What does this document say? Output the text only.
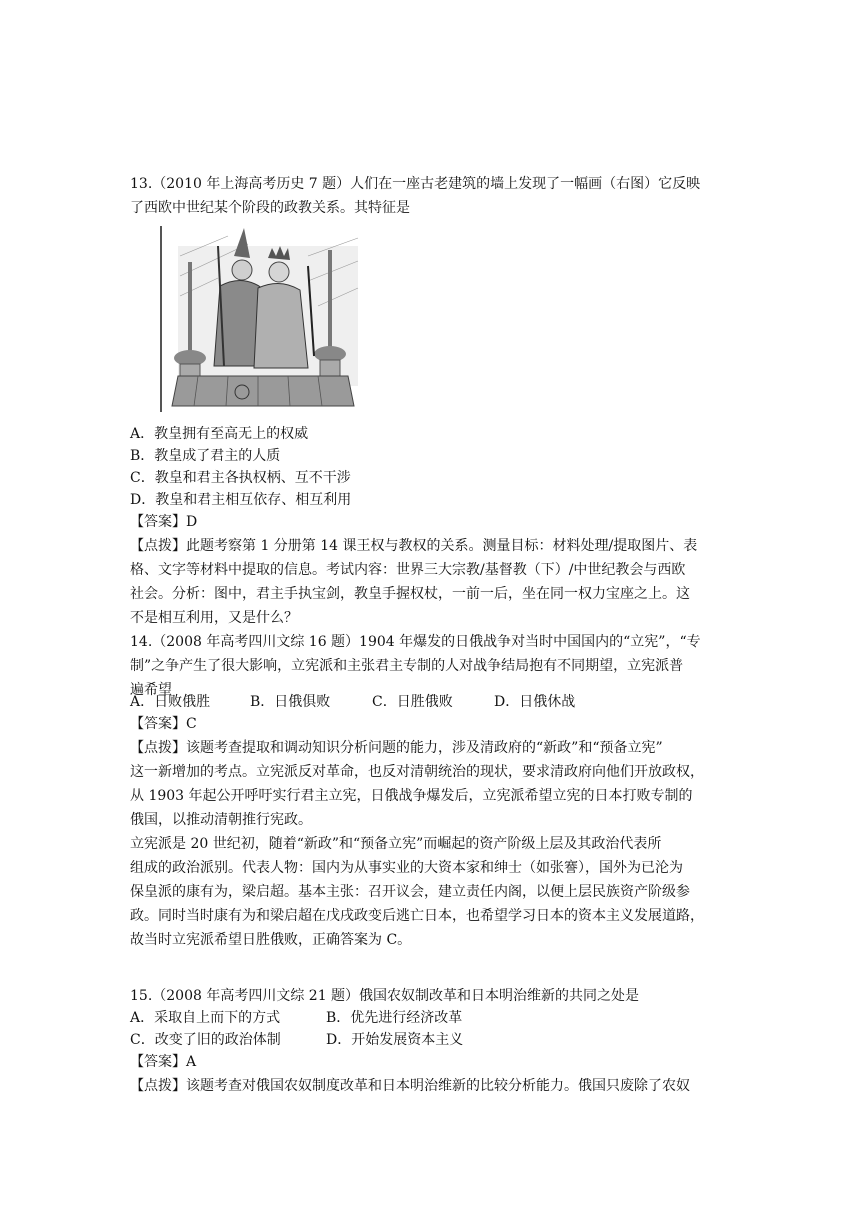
13.（2010 年上海高考历史 7 题）人们在一座古老建筑的墙上发现了一幅画（右图）它反映
了西欧中世纪某个阶段的政教关系。其特征是
A．教皇拥有至高无上的权威
B．教皇成了君主的人质
C．教皇和君主各执权柄、互不干涉
D．教皇和君主相互依存、相互利用
【答案】D
【点拨】此题考察第 1 分册第 14 课王权与教权的关系。测量目标：材料处理/提取图片、表
格、文字等材料中提取的信息。考试内容：世界三大宗教/基督教（下）/中世纪教会与西欧
社会。分析：图中，君主手执宝剑，教皇手握权杖，一前一后，坐在同一权力宝座之上。这
不是相互利用，又是什么？
14.（2008 年高考四川文综 16 题）1904 年爆发的日俄战争对当时中国国内的“立宪”，“专
制”之争产生了很大影响，立宪派和主张君主专制的人对战争结局抱有不同期望，立宪派普
遍希望
A．日败俄胜	B．日俄俱败	C．日胜俄败	D．日俄休战
【答案】C
【点拨】该题考查提取和调动知识分析问题的能力，涉及清政府的“新政”和“预备立宪”
这一新增加的考点。立宪派反对革命，也反对清朝统治的现状，要求清政府向他们开放政权，
从 1903 年起公开呼吁实行君主立宪，日俄战争爆发后，立宪派希望立宪的日本打败专制的
俄国，以推动清朝推行宪政。
立宪派是 20 世纪初，随着“新政”和“预备立宪”而崛起的资产阶级上层及其政治代表所
组成的政治派别。代表人物：国内为从事实业的大资本家和绅士（如张謇），国外为已沦为
保皇派的康有为，梁启超。基本主张：召开议会，建立责任内阁，以便上层民族资产阶级参
政。同时当时康有为和梁启超在戊戌政变后逃亡日本，也希望学习日本的资本主义发展道路，
故当时立宪派希望日胜俄败，正确答案为 C。
15.（2008 年高考四川文综 21 题）俄国农奴制改革和日本明治维新的共同之处是
A．采取自上而下的方式	B．优先进行经济改革
C．改变了旧的政治体制	D．开始发展资本主义
【答案】A
【点拨】该题考查对俄国农奴制度改革和日本明治维新的比较分析能力。俄国只废除了农奴
